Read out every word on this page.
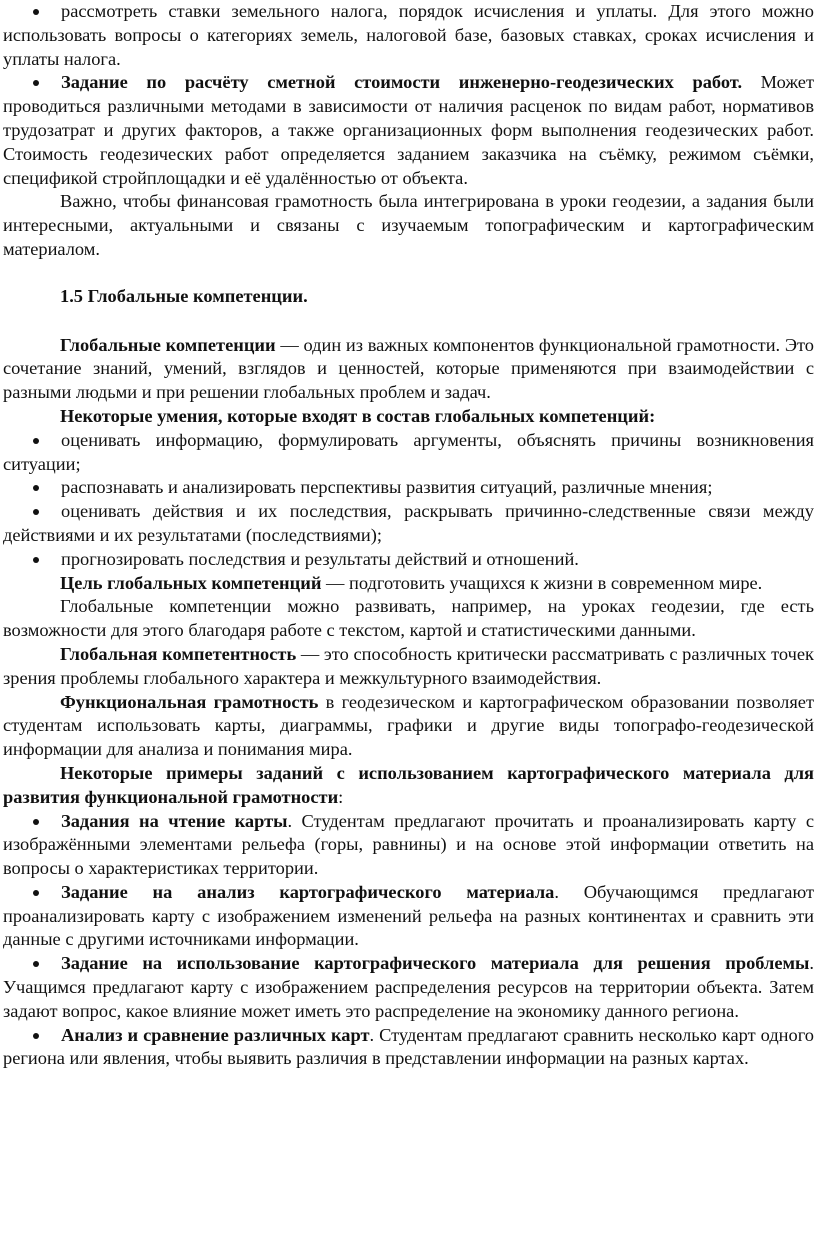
рассмотреть ставки земельного налога, порядок исчисления и уплаты. Для этого можно использовать вопросы о категориях земель, налоговой базе, базовых ставках, сроках исчисления и уплаты налога.

Задание по расчёту сметной стоимости инженерно-геодезических работ. Может проводиться различными методами в зависимости от наличия расценок по видам работ, нормативов трудозатрат и других факторов, а также организационных форм выполнения геодезических работ. Стоимость геодезических работ определяется заданием заказчика на съёмку, режимом съёмки, спецификой стройплощадки и её удалённостью от объекта.

Важно, чтобы финансовая грамотность была интегрирована в уроки геодезии, а задания были интересными, актуальными и связаны с изучаемым топографическим и картографическим материалом.

1.5 Глобальные компетенции.

Глобальные компетенции — один из важных компонентов функциональной грамотности. Это сочетание знаний, умений, взглядов и ценностей, которые применяются при взаимодействии с разными людьми и при решении глобальных проблем и задач.

Некоторые умения, которые входят в состав глобальных компетенций:

оценивать информацию, формулировать аргументы, объяснять причины возникновения ситуации;

распознавать и анализировать перспективы развития ситуаций, различные мнения;

оценивать действия и их последствия, раскрывать причинно-следственные связи между действиями и их результатами (последствиями);

прогнозировать последствия и результаты действий и отношений.

Цель глобальных компетенций — подготовить учащихся к жизни в современном мире.

Глобальные компетенции можно развивать, например, на уроках геодезии, где есть возможности для этого благодаря работе с текстом, картой и статистическими данными.

Глобальная компетентность — это способность критически рассматривать с различных точек зрения проблемы глобального характера и межкультурного взаимодействия.

Функциональная грамотность в геодезическом и картографическом образовании позволяет студентам использовать карты, диаграммы, графики и другие виды топографо-геодезической информации для анализа и понимания мира.

Некоторые примеры заданий с использованием картографического материала для развития функциональной грамотности:

Задания на чтение карты. Студентам предлагают прочитать и проанализировать карту с изображёнными элементами рельефа (горы, равнины) и на основе этой информации ответить на вопросы о характеристиках территории.

Задание на анализ картографического материала. Обучающимся предлагают проанализировать карту с изображением изменений рельефа на разных континентах и сравнить эти данные с другими источниками информации.

Задание на использование картографического материала для решения проблемы. Учащимся предлагают карту с изображением распределения ресурсов на территории объекта. Затем задают вопрос, какое влияние может иметь это распределение на экономику данного региона.

Анализ и сравнение различных карт. Студентам предлагают сравнить несколько карт одного региона или явления, чтобы выявить различия в представлении информации на разных картах.
